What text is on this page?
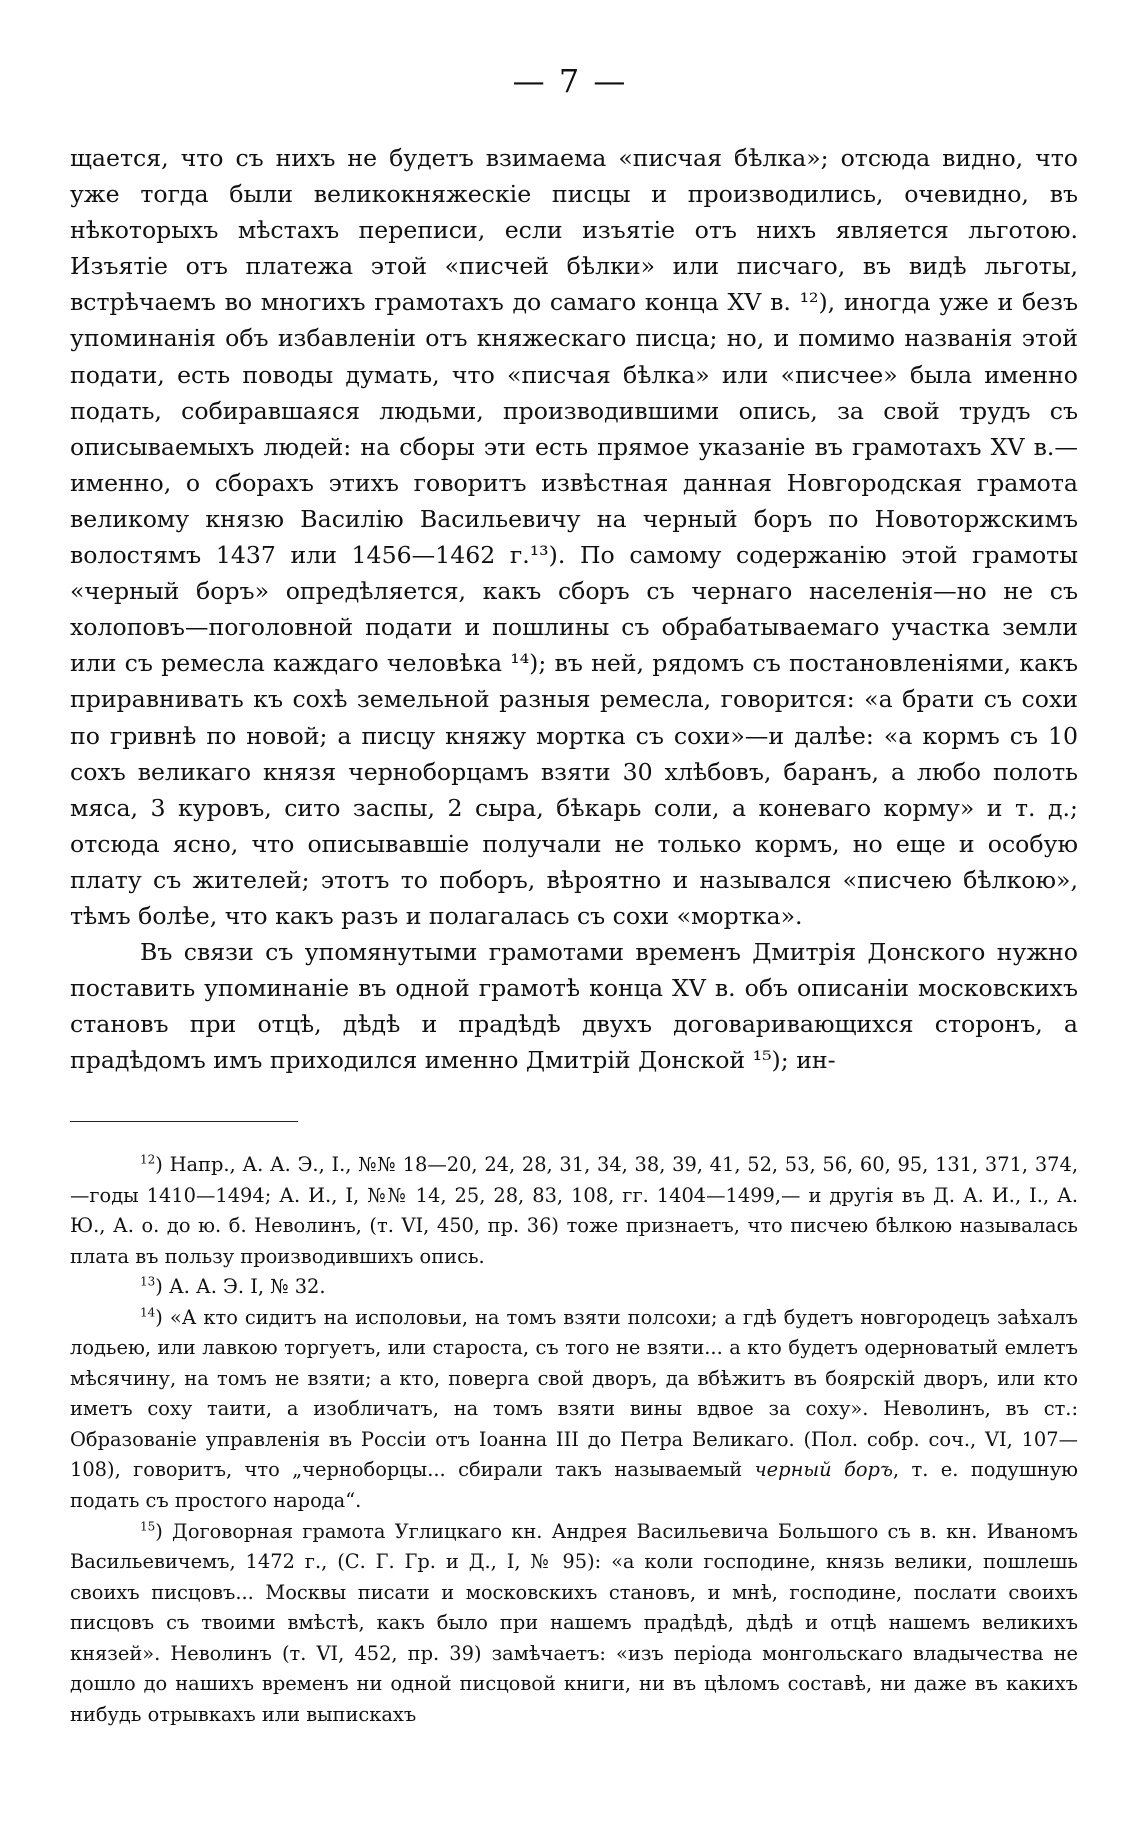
— 7 —

щается, что съ нихъ не будетъ взимаема «писчая бѣлка»; отсюда видно, что уже тогда были великокняжескіе писцы и производились, очевидно, въ нѣкоторыхъ мѣстахъ переписи, если изъятіе отъ нихъ является льготою. Изъятіе отъ платежа этой «писчей бѣлки» или писчаго, въ видѣ льготы, встрѣчаемъ во многихъ грамотахъ до самаго конца XV в. ¹²), иногда уже и безъ упоминанія объ избавленіи отъ княжескаго писца; но, и помимо названія этой подати, есть поводы думать, что «писчая бѣлка» или «писчее» была именно подать, собиравшаяся людьми, производившими опись, за свой трудъ съ описываемыхъ людей: на сборы эти есть прямое указаніе въ грамотахъ XV в.— именно, о сборахъ этихъ говоритъ извѣстная данная Новгородская грамота великому князю Василію Васильевичу на черный боръ по Новоторжскимъ волостямъ 1437 или 1456—1462 г.¹³). По самому содержанію этой грамоты «черный боръ» опредѣляется, какъ сборъ съ чернаго населенія—но не съ холоповъ—поголовной подати и пошлины съ обрабатываемаго участка земли или съ ремесла каждаго человѣка ¹⁴); въ ней, рядомъ съ постановленіями, какъ приравнивать къ сохѣ земельной разныя ремесла, говорится: «а брати съ сохи по гривнѣ по новой; а писцу княжу мортка съ сохи»—и далѣе: «а кормъ съ 10 сохъ великаго князя черноборцамъ взяти 30 хлѣбовъ, баранъ, а любо полоть мяса, 3 куровъ, сито заспы, 2 сыра, бѣкарь соли, а коневаго корму» и т. д.; отсюда ясно, что описывавшіе получали не только кормъ, но еще и особую плату съ жителей; этотъ то поборъ, вѣроятно и назывался «писчею бѣлкою», тѣмъ болѣе, что какъ разъ и полагалась съ сохи «мортка».

Въ связи съ упомянутыми грамотами временъ Дмитрія Донского нужно поставить упоминаніе въ одной грамотѣ конца XV в. объ описаніи московскихъ становъ при отцѣ, дѣдѣ и прадѣдѣ двухъ договаривающихся сторонъ, а прадѣдомъ имъ приходился именно Дмитрій Донской ¹⁵); ин-

$^{12}$) Напр., А. А. Э., I., №№ 18—20, 24, 28, 31, 34, 38, 39, 41, 52, 53, 56, 60, 95, 131, 371, 374,—годы 1410—1494; А. И., I, №№ 14, 25, 28, 83, 108, гг. 1404—1499,— и другія въ Д. А. И., I., А. Ю., А. о. до ю. б. Неволинъ, (т. VI, 450, пр. 36) тоже признаетъ, что писчею бѣлкою называлась плата въ пользу производившихъ опись.

$^{13}$) А. А. Э. I, № 32.

$^{14}$) «А кто сидитъ на исполовьи, на томъ взяти полсохи; а гдѣ будетъ новгородецъ заѣхалъ лодьею, или лавкою торгуетъ, или староста, съ того не взяти... а кто будетъ одерноватый емлетъ мѣсячину, на томъ не взяти; а кто, поверга свой дворъ, да вбѣжитъ въ боярскій дворъ, или кто иметъ соху таити, а изобличатъ, на томъ взяти вины вдвое за соху». Неволинъ, въ ст.: Образованіе управленія въ Россіи отъ Іоанна III до Петра Великаго. (Пол. собр. соч., VI, 107—108), говоритъ, что „черноборцы... сбирали такъ называемый черный боръ, т. е. подушную подать съ простого народа“.

$^{15}$) Договорная грамота Углицкаго кн. Андрея Васильевича Большого съ в. кн. Иваномъ Васильевичемъ, 1472 г., (С. Г. Гр. и Д., I, № 95): «а коли господине, князь велики, пошлешь своихъ писцовъ... Москвы писати и московскихъ становъ, и мнѣ, господине, послати своихъ писцовъ съ твоими вмѣстѣ, какъ было при нашемъ прадѣдѣ, дѣдѣ и отцѣ нашемъ великихъ князей». Неволинъ (т. VI, 452, пр. 39) замѣчаетъ: «изъ періода монгольскаго владычества не дошло до нашихъ временъ ни одной писцовой книги, ни въ цѣломъ составѣ, ни даже въ какихъ нибудь отрывкахъ или выпискахъ
